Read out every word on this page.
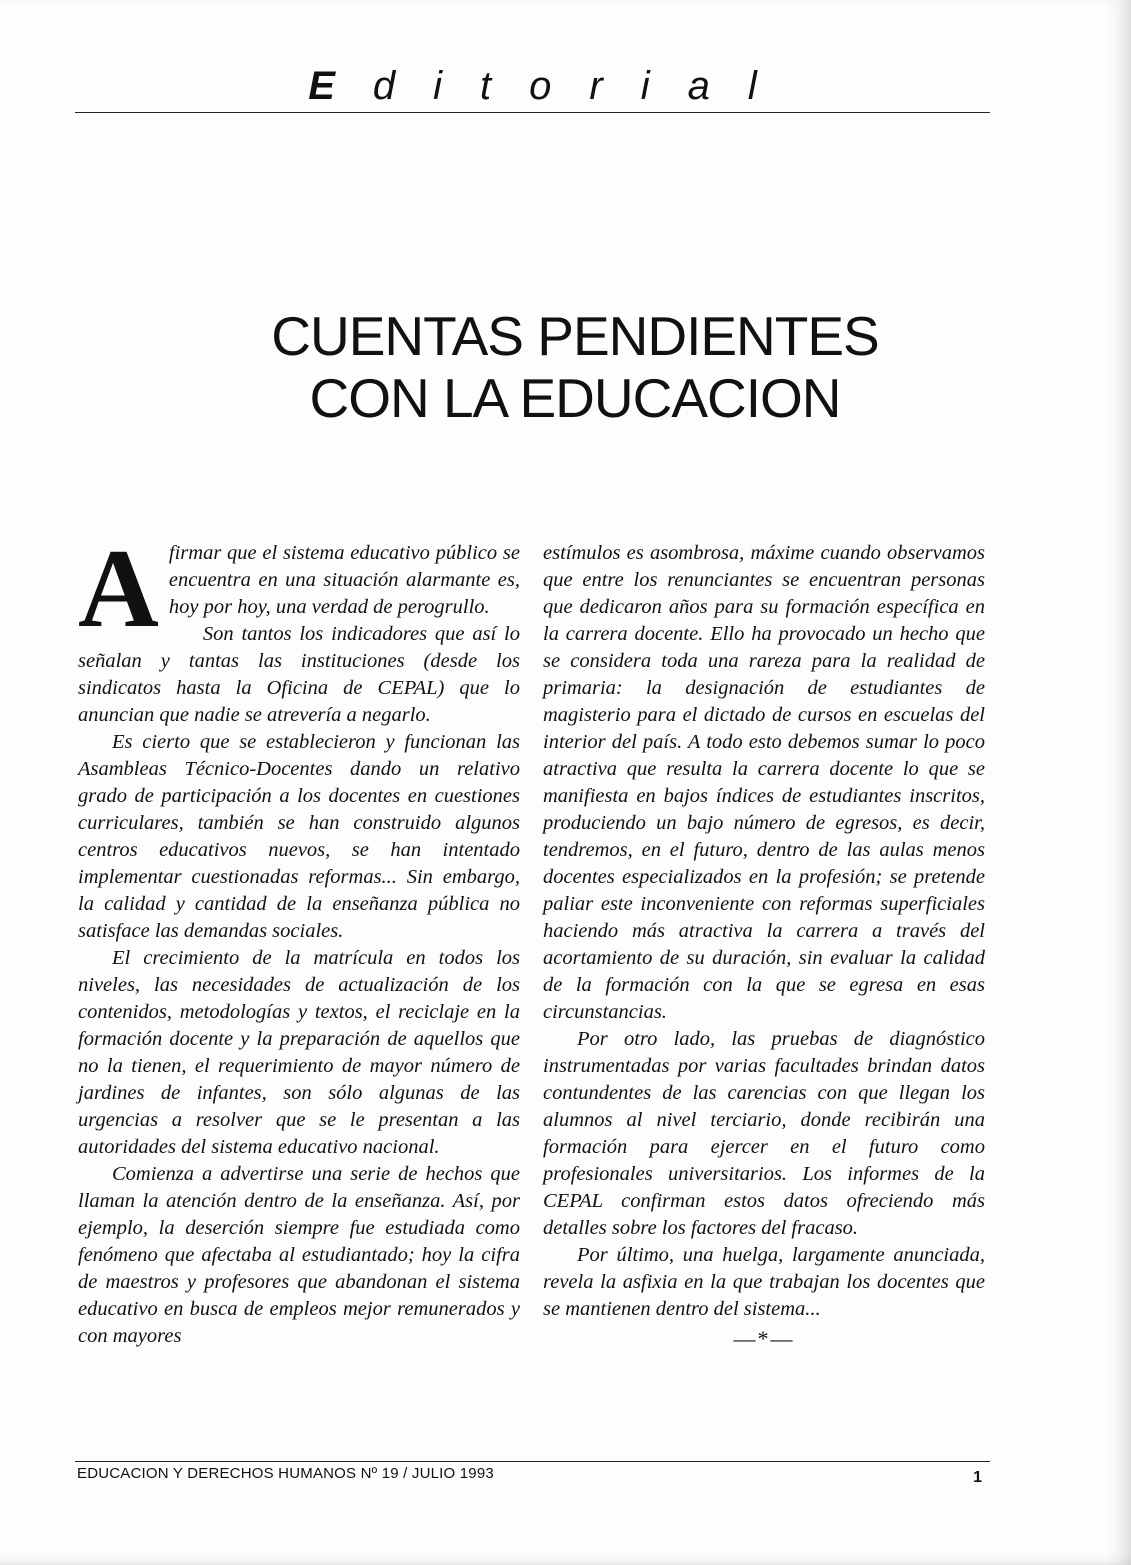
Editorial
CUENTAS PENDIENTES
CON LA EDUCACION

Afirmar que el sistema educativo público se encuentra en una situación alarmante es, hoy por hoy, una verdad de perogrullo.

Son tantos los indicadores que así lo señalan y tantas las instituciones (desde los sindicatos hasta la Oficina de CEPAL) que lo anuncian que nadie se atrevería a negarlo.

Es cierto que se establecieron y funcionan las Asambleas Técnico-Docentes dando un relativo grado de participación a los docentes en cuestiones curriculares, también se han construido algunos centros educativos nuevos, se han intentado implementar cuestionadas reformas... Sin embargo, la calidad y cantidad de la enseñanza pública no satisface las demandas sociales.

El crecimiento de la matrícula en todos los niveles, las necesidades de actualización de los contenidos, metodologías y textos, el reciclaje en la formación docente y la preparación de aquellos que no la tienen, el requerimiento de mayor número de jardines de infantes, son sólo algunas de las urgencias a resolver que se le presentan a las autoridades del sistema educativo nacional.

Comienza a advertirse una serie de hechos que llaman la atención dentro de la enseñanza. Así, por ejemplo, la deserción siempre fue estudiada como fenómeno que afectaba al estudiantado; hoy la cifra de maestros y profesores que abandonan el sistema educativo en busca de empleos mejor remunerados y con mayores

estímulos es asombrosa, máxime cuando observamos que entre los renunciantes se encuentran personas que dedicaron años para su formación específica en la carrera docente. Ello ha provocado un hecho que se considera toda una rareza para la realidad de primaria: la designación de estudiantes de magisterio para el dictado de cursos en escuelas del interior del país. A todo esto debemos sumar lo poco atractiva que resulta la carrera docente lo que se manifiesta en bajos índices de estudiantes inscritos, produciendo un bajo número de egresos, es decir, tendremos, en el futuro, dentro de las aulas menos docentes especializados en la profesión; se pretende paliar este inconveniente con reformas superficiales haciendo más atractiva la carrera a través del acortamiento de su duración, sin evaluar la calidad de la formación con la que se egresa en esas circunstancias.

Por otro lado, las pruebas de diagnóstico instrumentadas por varias facultades brindan datos contundentes de las carencias con que llegan los alumnos al nivel terciario, donde recibirán una formación para ejercer en el futuro como profesionales universitarios. Los informes de la CEPAL confirman estos datos ofreciendo más detalles sobre los factores del fracaso.

Por último, una huelga, largamente anunciada, revela la asfixia en la que trabajan los docentes que se mantienen dentro del sistema...

—*—
EDUCACION Y DERECHOS HUMANOS Nº 19 / JULIO 1993	1
